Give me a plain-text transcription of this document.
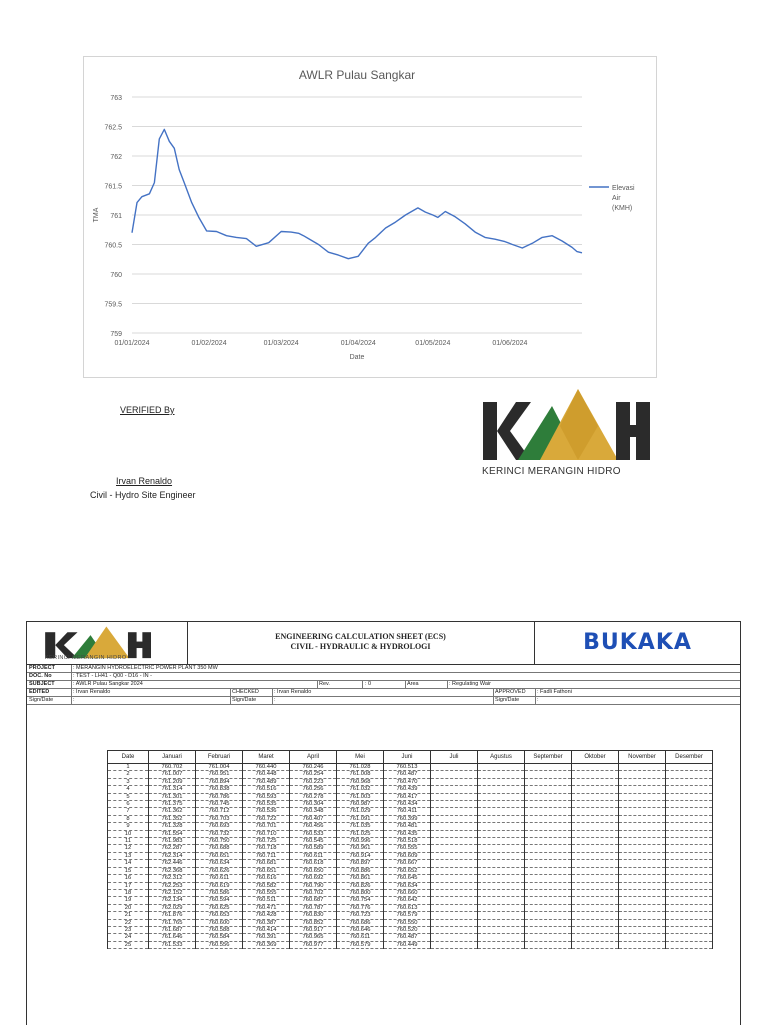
759
759.5
760
760.5
761
761.5
762
762.5
763
01/01/2024	01/02/2024	01/03/2024	01/04/2024	01/05/2024	01/06/2024
Date
TMA
AWLR Pulau Sangkar
Elevasi
Air
(KMH)
VERIFIED By
Irvan Renaldo
Civil - Hydro Site Engineer
KERINCI MERANGIN HIDRO
KERINCI MERANGIN HIDRO
ENGINEERING CALCULATION SHEET (ECS)
CIVIL - HYDRAULIC & HYDROLOGI	BUKAKA
PROJECT	: MERANGIN HYDROELECTRIC POWER PLANT 350 MW
DOC. No	: TEST - LH41 - Q00 - D16 - IN -
SUBJECT	: AWLR Pulau Sangkar 2024	Rev.	: 0	Area	: Regulating Wair
EDITED	: Irvan Renaldo	CHECKED	: Irvan Renaldo	APPROVED : Fadli Fathoni
Sign/Date	:	Sign/Date	:	Sign/Date	:
Date	Januari	Februari	Maret	April	Mei	Juni	Juli	Agustus	September	Oktober	November	Desember
1	760.702	761.004	760.440	760.246	761.028	760.513						
2	761.007	760.951	760.448	760.254	761.008	760.487						
3	761.209	760.894	760.489	760.223	760.968	760.470						
4	761.314	760.838	760.516	760.256	761.032	760.439						
5	761.301	760.786	760.593	760.278	761.003	760.417						
6	761.375	760.745	760.535	760.304	760.987	760.434						
7	761.362	760.712	760.536	760.348	761.029	760.411						
8	761.352	760.703	760.722	760.407	761.091	760.399						
9	761.328	760.693	760.701	760.456	761.035	760.481						
10	761.554	760.732	760.710	760.533	761.025	760.435						
11	761.983	760.750	760.725	760.545	760.996	760.518						
12	762.287	760.688	760.718	760.589	760.961	760.555						
13	762.314	760.651	760.711	760.611	760.914	760.609						
14	762.446	760.634	760.681	760.618	760.897	760.667						
15	762.368	760.626	760.651	760.650	760.886	760.652						
16	762.312	760.611	760.616	760.692	760.861	760.645						
17	762.253	760.619	760.582	760.790	760.826	760.634						
18	762.152	760.586	760.555	760.702	760.800	760.660						
19	762.134	760.594	760.511	760.687	760.754	760.642						
20	762.029	760.625	760.471	760.787	760.776	760.613						
21	761.876	760.653	760.428	760.830	760.723	760.579						
22	761.765	760.600	760.387	760.852	760.686	760.550						
23	761.687	760.588	760.414	760.917	760.646	760.520						
24	761.646	760.584	760.391	760.965	760.611	760.487						
25	761.533	760.556	760.369	760.977	760.579	760.449						
